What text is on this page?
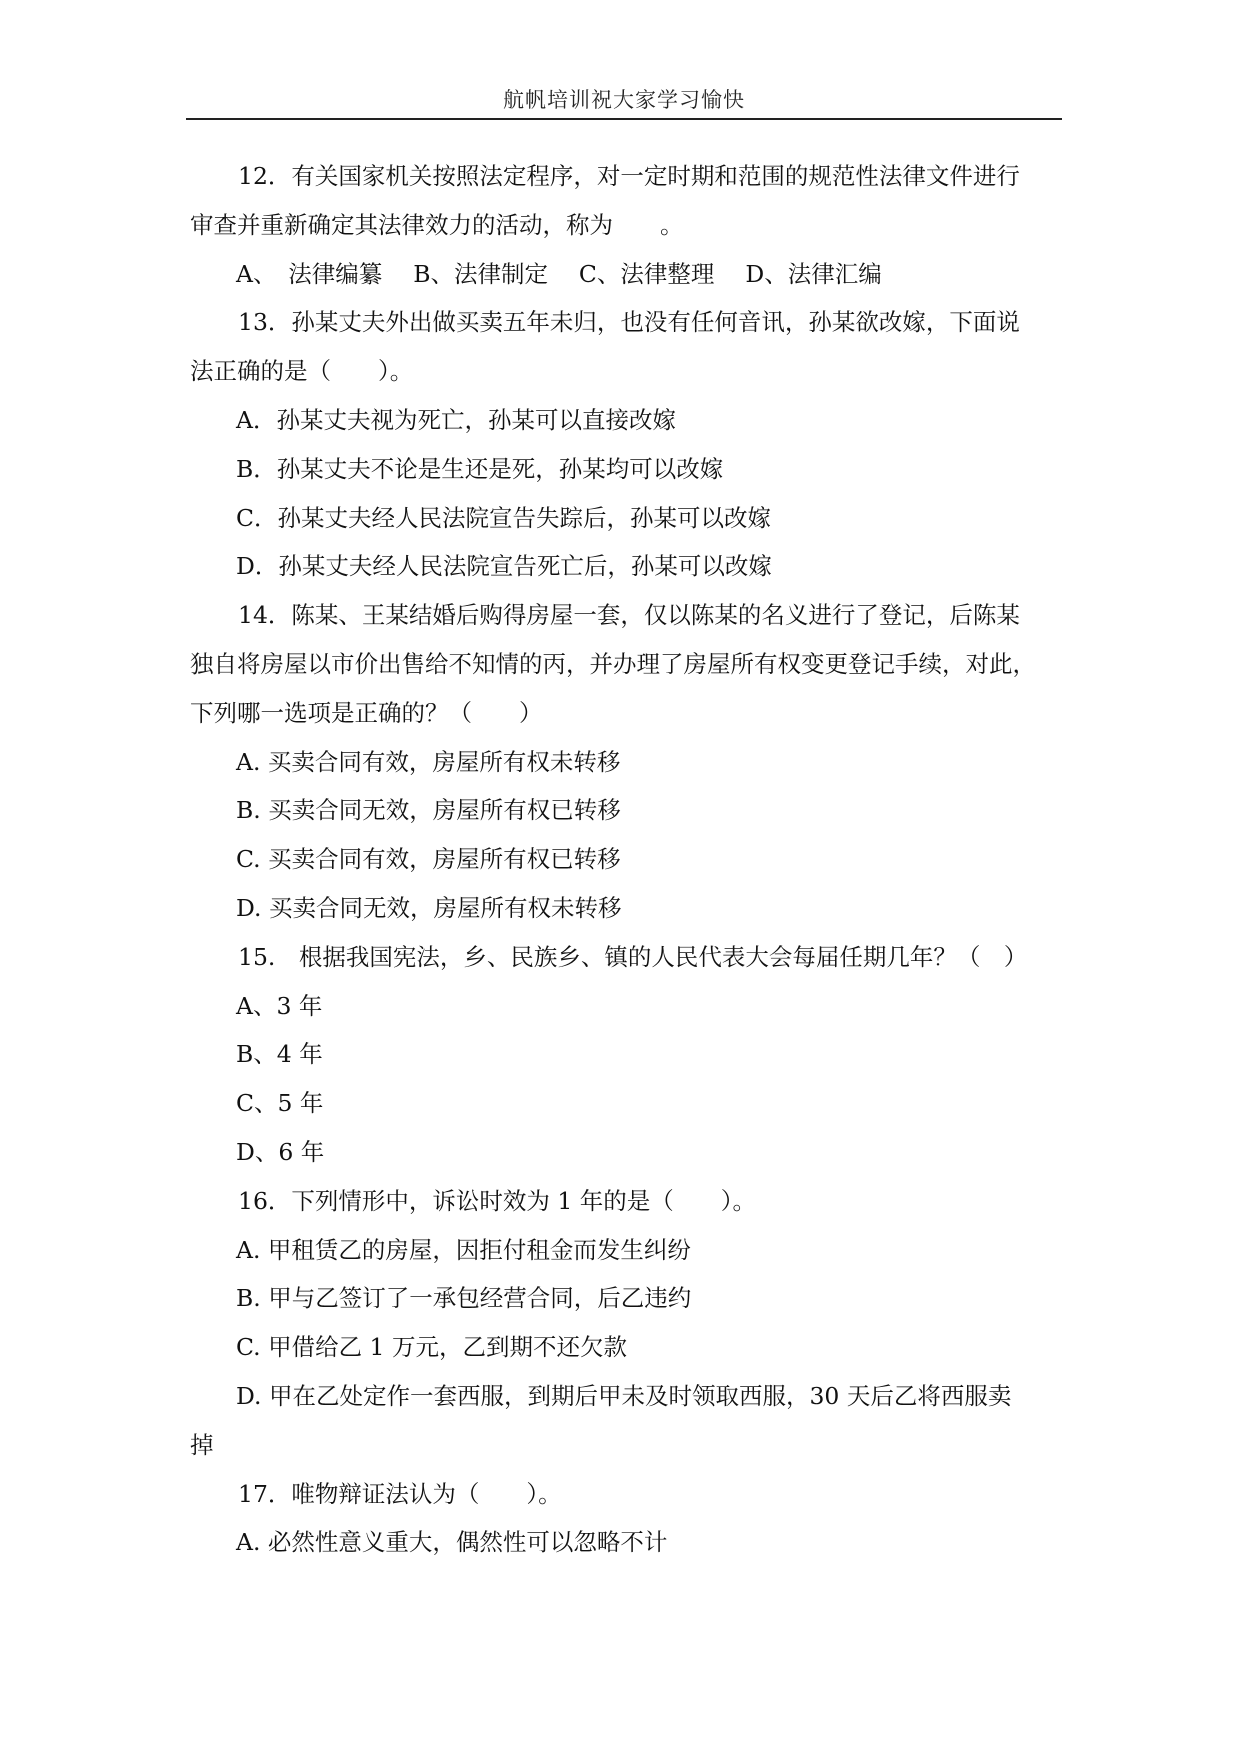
航帆培训祝大家学习愉快

12．有关国家机关按照法定程序，对一定时期和范围的规范性法律文件进行

审查并重新确定其法律效力的活动，称为　　。

A、　法律编纂　 B、法律制定　 C、法律整理　 D、法律汇编

13．孙某丈夫外出做买卖五年未归，也没有任何音讯，孙某欲改嫁，下面说

法正确的是（　　）。

A．孙某丈夫视为死亡，孙某可以直接改嫁

B．孙某丈夫不论是生还是死，孙某均可以改嫁

C．孙某丈夫经人民法院宣告失踪后，孙某可以改嫁

D．孙某丈夫经人民法院宣告死亡后，孙某可以改嫁

14．陈某、王某结婚后购得房屋一套，仅以陈某的名义进行了登记，后陈某

独自将房屋以市价出售给不知情的丙，并办理了房屋所有权变更登记手续，对此，

下列哪一选项是正确的？（　　）

A. 买卖合同有效，房屋所有权未转移

B. 买卖合同无效，房屋所有权已转移

C. 买卖合同有效，房屋所有权已转移

D. 买卖合同无效，房屋所有权未转移

15.　根据我国宪法，乡、民族乡、镇的人民代表大会每届任期几年？（　）

A、3 年

B、4 年

C、5 年

D、6 年

16．下列情形中，诉讼时效为 1 年的是（　　）。

A. 甲租赁乙的房屋，因拒付租金而发生纠纷

B. 甲与乙签订了一承包经营合同，后乙违约

C. 甲借给乙 1 万元，乙到期不还欠款

D. 甲在乙处定作一套西服，到期后甲未及时领取西服，30 天后乙将西服卖

掉

17．唯物辩证法认为（　　）。

A. 必然性意义重大，偶然性可以忽略不计
